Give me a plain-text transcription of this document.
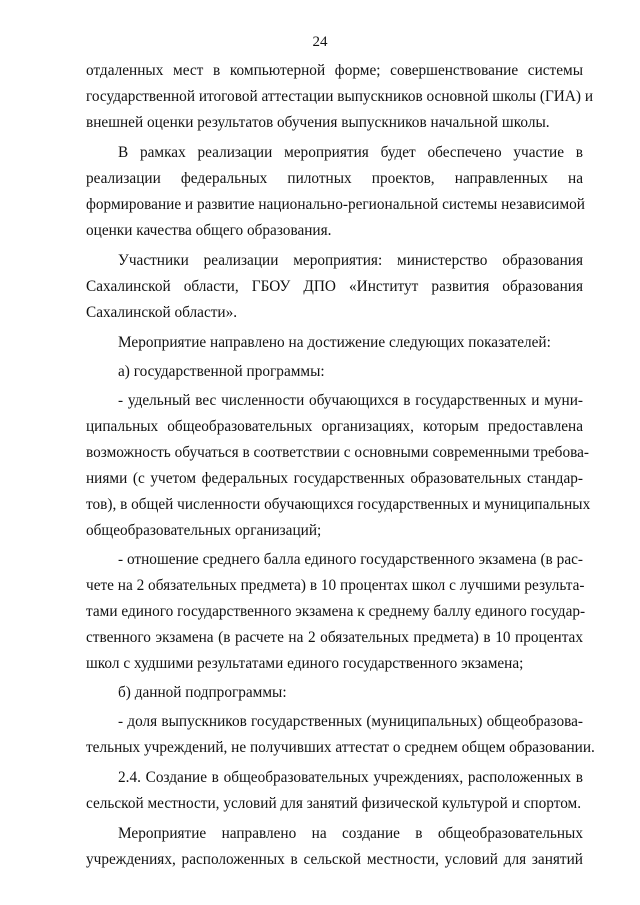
24
отдаленных мест в компьютерной форме; совершенствование системы
государственной итоговой аттестации выпускников основной школы (ГИА) и
внешней оценки результатов обучения выпускников начальной школы.
В рамках реализации мероприятия будет обеспечено участие в
реализации федеральных пилотных проектов, направленных на
формирование и развитие национально-региональной системы независимой
оценки качества общего образования.
Участники реализации мероприятия: министерство образования
Сахалинской области, ГБОУ ДПО «Институт развития образования
Сахалинской области».
Мероприятие направлено на достижение следующих показателей:
а) государственной программы:
- удельный вес численности обучающихся в государственных и муни-
ципальных общеобразовательных организациях, которым предоставлена
возможность обучаться в соответствии с основными современными требова-
ниями (с учетом федеральных государственных образовательных стандар-
тов), в общей численности обучающихся государственных и муниципальных
общеобразовательных организаций;
- отношение среднего балла единого государственного экзамена (в рас-
чете на 2 обязательных предмета) в 10 процентах школ с лучшими результа-
тами единого государственного экзамена к среднему баллу единого государ-
ственного экзамена (в расчете на 2 обязательных предмета) в 10 процентах
школ с худшими результатами единого государственного экзамена;
б) данной подпрограммы:
- доля выпускников государственных (муниципальных) общеобразова-
тельных учреждений, не получивших аттестат о среднем общем образовании.
2.4. Создание в общеобразовательных учреждениях, расположенных в
сельской местности, условий для занятий физической культурой и спортом.
Мероприятие направлено на создание в общеобразовательных
учреждениях, расположенных в сельской местности, условий для занятий
